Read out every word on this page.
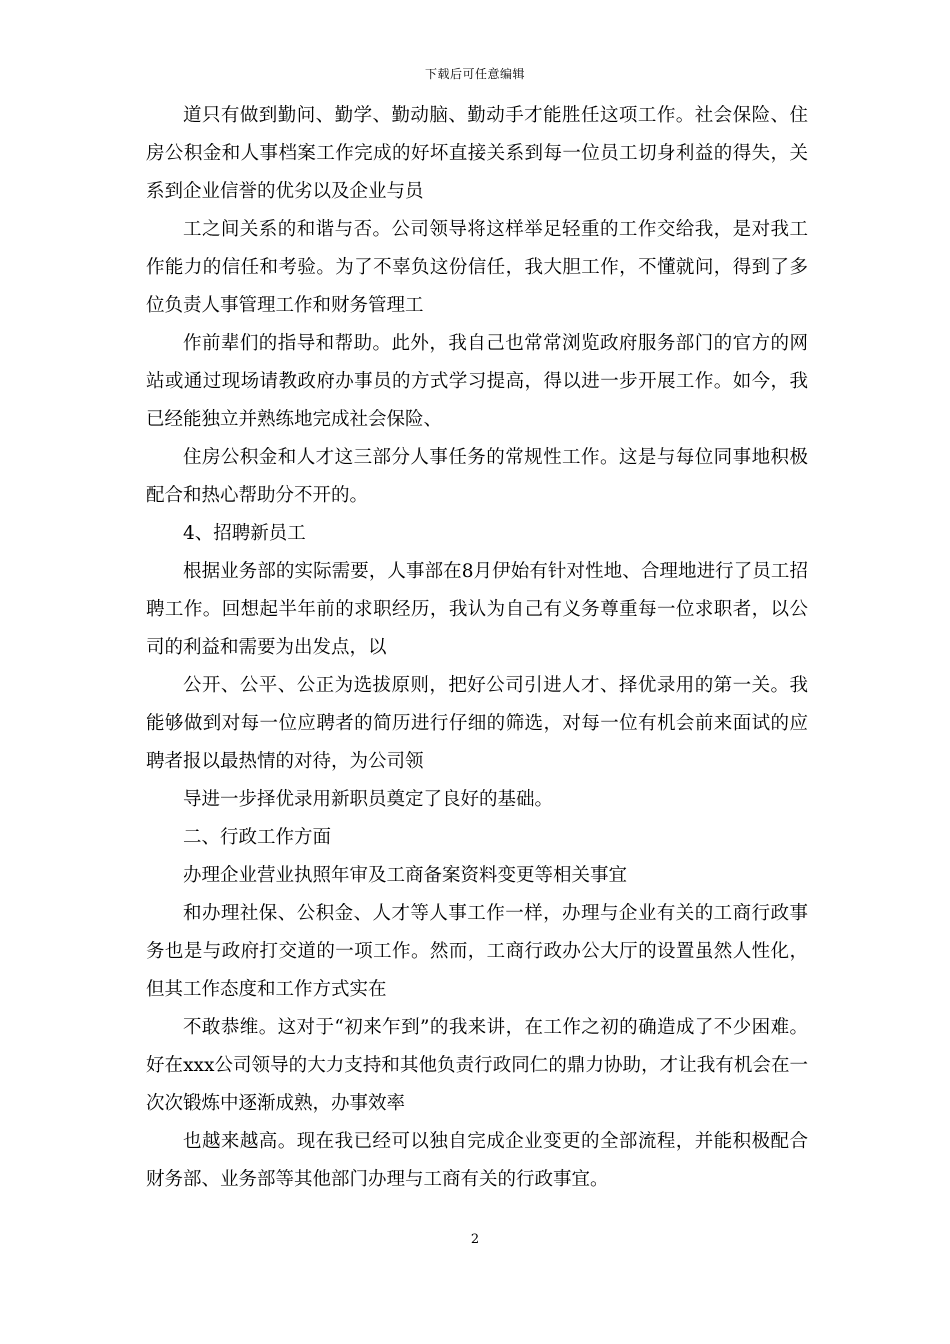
下载后可任意编辑

道只有做到勤问、勤学、勤动脑、勤动手才能胜任这项工作。社会保险、住房公积金和人事档案工作完成的好坏直接关系到每一位员工切身利益的得失，关系到企业信誉的优劣以及企业与员

工之间关系的和谐与否。公司领导将这样举足轻重的工作交给我，是对我工作能力的信任和考验。为了不辜负这份信任，我大胆工作，不懂就问，得到了多位负责人事管理工作和财务管理工

作前辈们的指导和帮助。此外，我自己也常常浏览政府服务部门的官方的网站或通过现场请教政府办事员的方式学习提高，得以进一步开展工作。如今，我已经能独立并熟练地完成社会保险、

住房公积金和人才这三部分人事任务的常规性工作。这是与每位同事地积极配合和热心帮助分不开的。

4、招聘新员工

根据业务部的实际需要，人事部在8月伊始有针对性地、合理地进行了员工招聘工作。回想起半年前的求职经历，我认为自己有义务尊重每一位求职者，以公司的利益和需要为出发点，以

公开、公平、公正为选拔原则，把好公司引进人才、择优录用的第一关。我能够做到对每一位应聘者的简历进行仔细的筛选，对每一位有机会前来面试的应聘者报以最热情的对待，为公司领

导进一步择优录用新职员奠定了良好的基础。

二、行政工作方面

办理企业营业执照年审及工商备案资料变更等相关事宜

和办理社保、公积金、人才等人事工作一样，办理与企业有关的工商行政事务也是与政府打交道的一项工作。然而，工商行政办公大厅的设置虽然人性化，但其工作态度和工作方式实在

不敢恭维。这对于“初来乍到”的我来讲，在工作之初的确造成了不少困难。好在xxx公司领导的大力支持和其他负责行政同仁的鼎力协助，才让我有机会在一次次锻炼中逐渐成熟，办事效率

也越来越高。现在我已经可以独自完成企业变更的全部流程，并能积极配合财务部、业务部等其他部门办理与工商有关的行政事宜。

2
